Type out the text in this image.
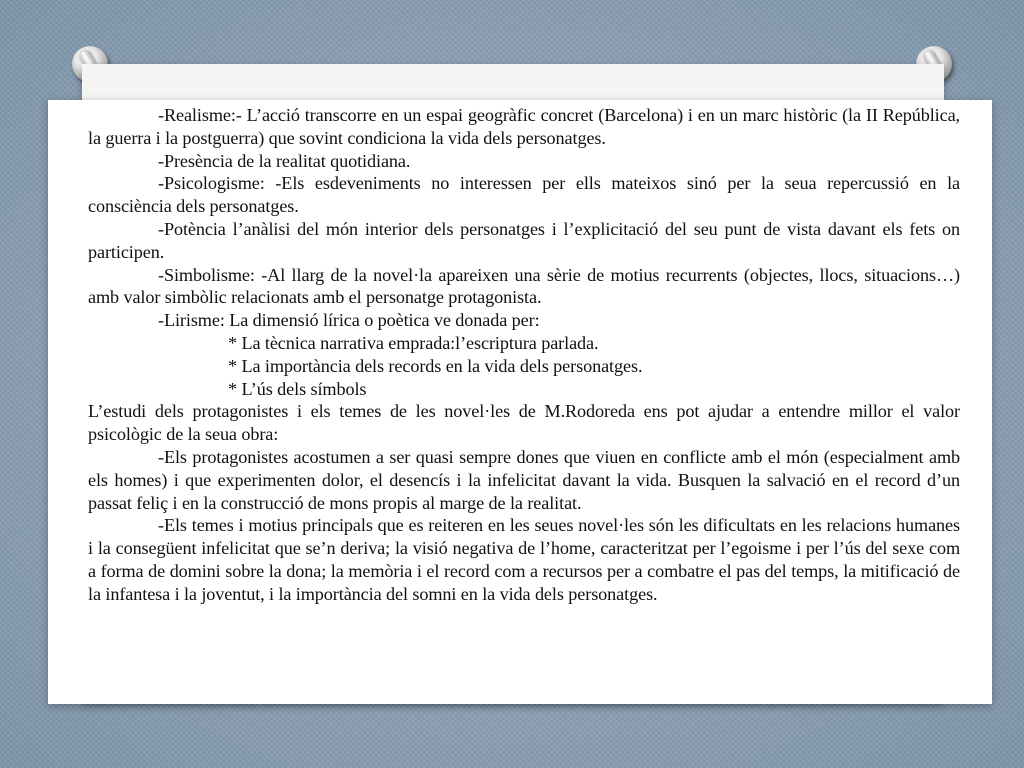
-Realisme:- L’acció transcorre en un espai geogràfic concret (Barcelona) i en un marc històric (la II República, la guerra i la postguerra) que sovint condiciona la vida dels personatges.

-Presència de la realitat quotidiana.

-Psicologisme: -Els esdeveniments no interessen per ells mateixos sinó per la seua repercussió en la consciència dels personatges.

-Potència l’anàlisi del món interior dels personatges i l’explicitació del seu punt de vista davant els fets on participen.

-Simbolisme: -Al llarg de la novel·la apareixen una sèrie de motius recurrents (objectes, llocs, situacions…) amb valor simbòlic relacionats amb el personatge protagonista.

-Lirisme: La dimensió lírica o poètica ve donada per:

* La tècnica narrativa emprada:l’escriptura parlada.

* La importància dels records en la vida dels personatges.

* L’ús dels símbols

L’estudi dels protagonistes i els temes de les novel·les de M.Rodoreda ens pot ajudar a entendre millor el valor psicològic de la seua obra:

-Els protagonistes acostumen a ser quasi sempre dones que viuen en conflicte amb el món (especialment amb els homes) i que experimenten dolor, el desencís i la infelicitat davant la vida. Busquen la salvació en el record d’un passat feliç i en la construcció de mons propis al marge de la realitat.

-Els temes i motius principals que es reiteren en les seues novel·les són les dificultats en les relacions humanes i la consegüent infelicitat que se’n deriva; la visió negativa de l’home, caracteritzat per l’egoisme i per l’ús del sexe com a forma de domini sobre la dona; la memòria i el record com a recursos per a combatre el pas del temps, la mitificació de la infantesa i la joventut, i la importància del somni en la vida dels personatges.
